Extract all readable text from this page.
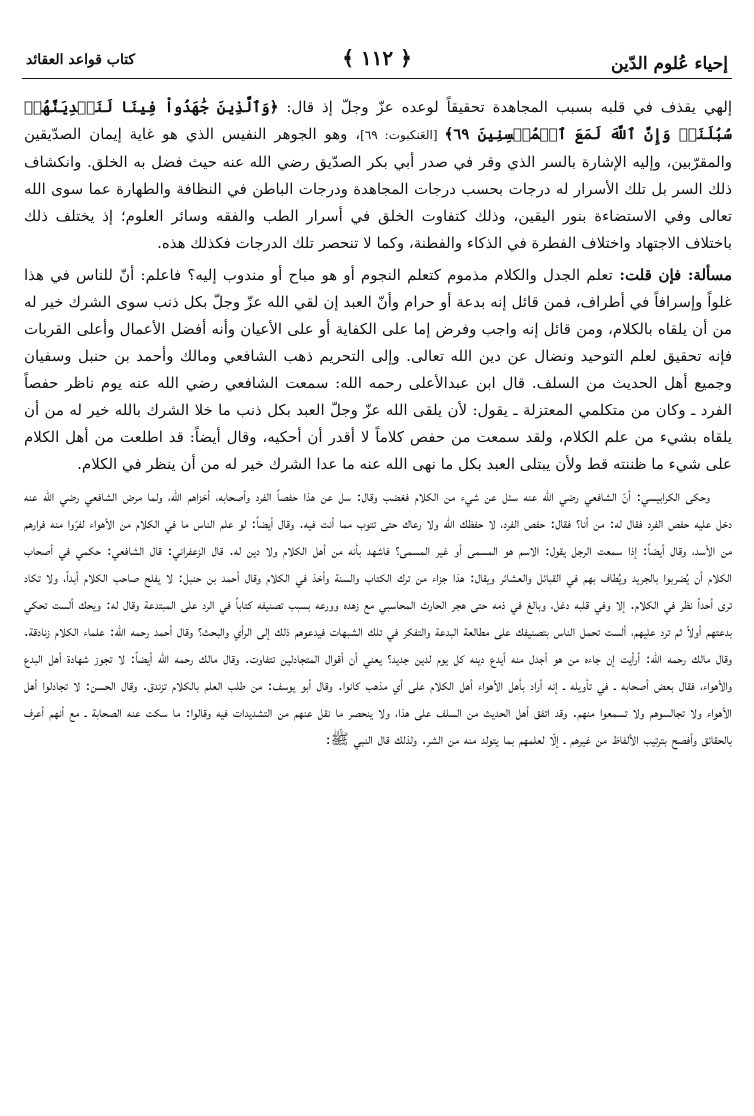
إحياء عُلوم الدّين
﴿ ١١٢ ﴾
كتاب قواعد العقائد

إلهي يقذف في قلبه بسبب المجاهدة تحقيقاً لوعده عزّ وجلّ إذ قال: ﴿وَٱلَّذِينَ جَٰهَدُواْ فِينَا لَنَهۡدِيَنَّهُمۡ سُبُلَنَاۚ وَإِنَّ ٱللَّهَ لَمَعَ ٱلۡمُحۡسِنِينَ ٦٩﴾ [العَنكبوت: ٦٩]، وهو الجوهر النفيس الذي هو غاية إيمان الصدّيقين والمقرّبين، وإليه الإشارة بالسر الذي وقر في صدر أبي بكر الصدّيق رضي الله عنه حيث فضل به الخلق. وانكشاف ذلك السر بل تلك الأسرار له درجات بحسب درجات المجاهدة ودرجات الباطن في النظافة والطهارة عما سوى الله تعالى وفي الاستضاءة بنور اليقين، وذلك كتفاوت الخلق في أسرار الطب والفقه وسائر العلوم؛ إذ يختلف ذلك باختلاف الاجتهاد واختلاف الفطرة في الذكاء والفطنة، وكما لا تنحصر تلك الدرجات فكذلك هذه.

مسألة: فإن قلت: تعلم الجدل والكلام مذموم كتعلم النجوم أو هو مباح أو مندوب إليه؟ فاعلم: أنّ للناس في هذا غلواً وإسرافاً في أطراف، فمن قائل إنه بدعة أو حرام وأنّ العبد إن لقي الله عزّ وجلّ بكل ذنب سوى الشرك خير له من أن يلقاه بالكلام، ومن قائل إنه واجب وفرض إما على الكفاية أو على الأعيان وأنه أفضل الأعمال وأعلى القربات فإنه تحقيق لعلم التوحيد ونضال عن دين الله تعالى. وإلى التحريم ذهب الشافعي ومالك وأحمد بن حنبل وسفيان وجميع أهل الحديث من السلف. قال ابن عبدالأعلى رحمه الله: سمعت الشافعي رضي الله عنه يوم ناظر حفصاً الفرد ـ وكان من متكلمي المعتزلة ـ يقول: لأن يلقى الله عزّ وجلّ العبد بكل ذنب ما خلا الشرك بالله خير له من أن يلقاه بشيء من علم الكلام، ولقد سمعت من حفص كلاماً لا أقدر أن أحكيه، وقال أيضاً: قد اطلعت من أهل الكلام على شيء ما ظننته قط ولأن يبتلى العبد بكل ما نهى الله عنه ما عدا الشرك خير له من أن ينظر في الكلام.

وحكى الكرابيسي: أنّ الشافعي رضي الله عنه سئل عن شيء من الكلام فغضب وقال: سل عن هذا حفصاً الفرد وأصحابه، أخزاهم الله، ولما مرض الشافعي رضي الله عنه دخل عليه حفص الفرد فقال له: من أنا؟ فقال: حفص الفرد، لا حفظك الله ولا رعاك حتى تتوب مما أنت فيه. وقال أيضاً: لو علم الناس ما في الكلام من الأهواء لفرّوا منه فرارهم من الأسد، وقال أيضاً: إذا سمعت الرجل يقول: الاسم هو المسمى أو غير المسمى؟ فاشهد بأنه من أهل الكلام ولا دين له. قال الزعفراني: قال الشافعي: حكمي في أصحاب الكلام أن يُضربوا بالجريد ويُطاف بهم في القبائل والعشائر ويقال: هذا جزاء من ترك الكتاب والسنة وأخذ في الكلام وقال أحمد بن حنبل: لا يفلح صاحب الكلام أبداً، ولا تكاد ترى أحداً نظر في الكلام. إلا وفي قلبه دغل، وبالغ في ذمه حتى هجر الحارث المحاسبي مع زهده وورعه بسبب تصنيفه كتاباً في الرد على المبتدعة وقال له: ويحك ألست تحكي بدعتهم أولاً ثم ترد عليهم، ألست تحمل الناس بتصنيفك على مطالعة البدعة والتفكر في تلك الشبهات فيدعوهم ذلك إلى الرأي والبحث؟ وقال أحمد رحمه الله: علماء الكلام زنادقة. وقال مالك رحمه الله: أرأيت إن جاءه من هو أجدل منه أيدع دينه كل يوم لدين جديد؟ يعني أن أقوال المتجادلين تتفاوت. وقال مالك رحمه الله أيضاً: لا تجوز شهادة أهل البدع والأهواء، فقال بعض أصحابه ـ في تأويله ـ إنه أراد بأهل الأهواء أهل الكلام على أي مذهب كانوا. وقال أبو يوسف: من طلب العلم بالكلام تزندق. وقال الحسن: لا تجادلوا أهل الأهواء ولا تجالسوهم ولا تسمعوا منهم. وقد اتفق أهل الحديث من السلف على هذا، ولا ينحصر ما نقل عنهم من التشديدات فيه وقالوا: ما سكت عنه الصحابة ـ مع أنهم أعرف بالحقائق وأفصح بترتيب الألفاظ من غيرهم ـ إلّا لعلمهم بما يتولد منه من الشر. ولذلك قال النبي ﷺ:
